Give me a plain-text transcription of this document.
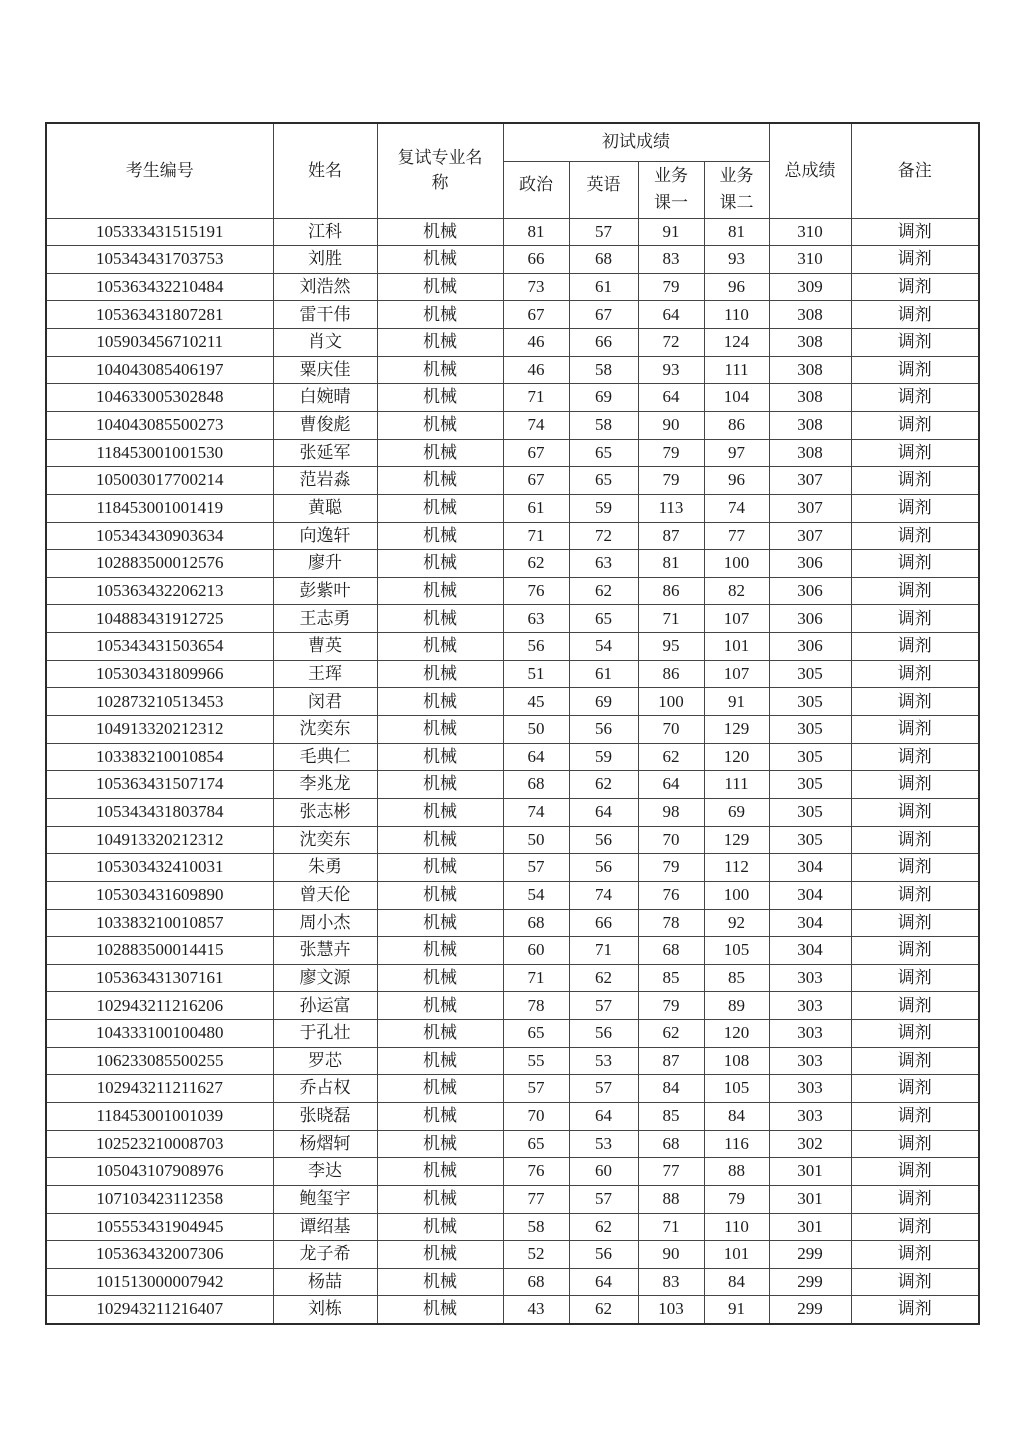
考生编号	姓名	复试专业名称	初试成绩				总成绩	备注
			政治	英语	业务课一	业务课二		
105333431515191	江科	机械	81	57	91	81	310	调剂
105343431703753	刘胜	机械	66	68	83	93	310	调剂
105363432210484	刘浩然	机械	73	61	79	96	309	调剂
105363431807281	雷干伟	机械	67	67	64	110	308	调剂
105903456710211	肖文	机械	46	66	72	124	308	调剂
104043085406197	粟庆佳	机械	46	58	93	111	308	调剂
104633005302848	白婉晴	机械	71	69	64	104	308	调剂
104043085500273	曹俊彪	机械	74	58	90	86	308	调剂
118453001001530	张延军	机械	67	65	79	97	308	调剂
105003017700214	范岩淼	机械	67	65	79	96	307	调剂
118453001001419	黄聪	机械	61	59	113	74	307	调剂
105343430903634	向逸轩	机械	71	72	87	77	307	调剂
102883500012576	廖升	机械	62	63	81	100	306	调剂
105363432206213	彭紫叶	机械	76	62	86	82	306	调剂
104883431912725	王志勇	机械	63	65	71	107	306	调剂
105343431503654	曹英	机械	56	54	95	101	306	调剂
105303431809966	王珲	机械	51	61	86	107	305	调剂
102873210513453	闵君	机械	45	69	100	91	305	调剂
104913320212312	沈奕东	机械	50	56	70	129	305	调剂
103383210010854	毛典仁	机械	64	59	62	120	305	调剂
105363431507174	李兆龙	机械	68	62	64	111	305	调剂
105343431803784	张志彬	机械	74	64	98	69	305	调剂
104913320212312	沈奕东	机械	50	56	70	129	305	调剂
105303432410031	朱勇	机械	57	56	79	112	304	调剂
105303431609890	曾天伦	机械	54	74	76	100	304	调剂
103383210010857	周小杰	机械	68	66	78	92	304	调剂
102883500014415	张慧卉	机械	60	71	68	105	304	调剂
105363431307161	廖文源	机械	71	62	85	85	303	调剂
102943211216206	孙运富	机械	78	57	79	89	303	调剂
104333100100480	于孔壮	机械	65	56	62	120	303	调剂
106233085500255	罗芯	机械	55	53	87	108	303	调剂
102943211211627	乔占权	机械	57	57	84	105	303	调剂
118453001001039	张晓磊	机械	70	64	85	84	303	调剂
102523210008703	杨熠轲	机械	65	53	68	116	302	调剂
105043107908976	李达	机械	76	60	77	88	301	调剂
107103423112358	鲍玺宇	机械	77	57	88	79	301	调剂
105553431904945	谭绍基	机械	58	62	71	110	301	调剂
105363432007306	龙子希	机械	52	56	90	101	299	调剂
101513000007942	杨喆	机械	68	64	83	84	299	调剂
102943211216407	刘栋	机械	43	62	103	91	299	调剂
